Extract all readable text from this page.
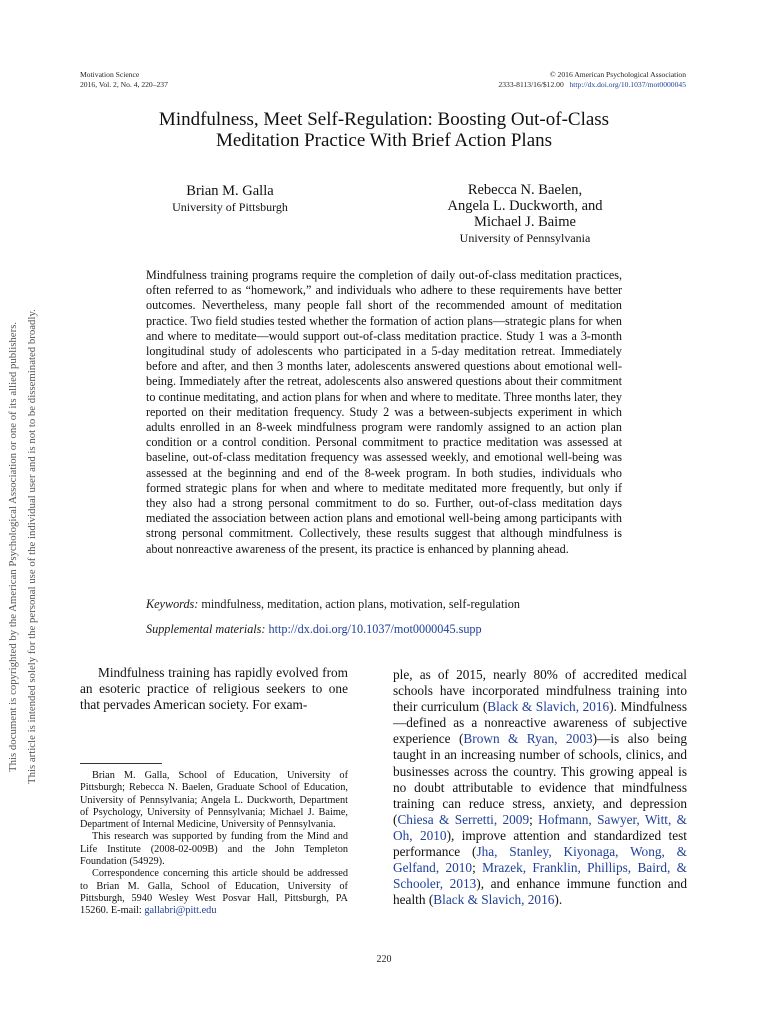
Motivation Science
2016, Vol. 2, No. 4, 220–237
© 2016 American Psychological Association
2333-8113/16/$12.00 http://dx.doi.org/10.1037/mot0000045
Mindfulness, Meet Self-Regulation: Boosting Out-of-Class
Meditation Practice With Brief Action Plans
Brian M. Galla
University of Pittsburgh
Rebecca N. Baelen,
Angela L. Duckworth, and
Michael J. Baime
University of Pennsylvania

Mindfulness training programs require the completion of daily out-of-class meditation practices, often referred to as “homework,” and individuals who adhere to these requirements have better outcomes. Nevertheless, many people fall short of the recommended amount of meditation practice. Two field studies tested whether the formation of action plans—strategic plans for when and where to meditate—would support out-of-class meditation practice. Study 1 was a 3-month longitudinal study of adolescents who participated in a 5-day meditation retreat. Immediately before and after, and then 3 months later, adolescents answered questions about emotional well-being. Immediately after the retreat, adolescents also answered questions about their commitment to continue meditating, and action plans for when and where to meditate. Three months later, they reported on their meditation frequency. Study 2 was a between-subjects experiment in which adults enrolled in an 8-week mindfulness program were randomly assigned to an action plan condition or a control condition. Personal commitment to practice meditation was assessed at baseline, out-of-class meditation frequency was assessed weekly, and emotional well-being was assessed at the beginning and end of the 8-week program. In both studies, individuals who formed strategic plans for when and where to meditate meditated more frequently, but only if they also had a strong personal commitment to do so. Further, out-of-class meditation days mediated the association between action plans and emotional well-being among participants with strong personal commitment. Collectively, these results suggest that although mindfulness is about nonreactive awareness of the present, its practice is enhanced by planning ahead.

Keywords: mindfulness, meditation, action plans, motivation, self-regulation
Supplemental materials: http://dx.doi.org/10.1037/mot0000045.supp

Mindfulness training has rapidly evolved from an esoteric practice of religious seekers to one that pervades American society. For exam-

Brian M. Galla, School of Education, University of Pittsburgh; Rebecca N. Baelen, Graduate School of Education, University of Pennsylvania; Angela L. Duckworth, Department of Psychology, University of Pennsylvania; Michael J. Baime, Department of Internal Medicine, University of Pennsylvania.

This research was supported by funding from the Mind and Life Institute (2008-02-009B) and the John Templeton Foundation (54929).

Correspondence concerning this article should be addressed to Brian M. Galla, School of Education, University of Pittsburgh, 5940 Wesley West Posvar Hall, Pittsburgh, PA 15260. E-mail: gallabri@pitt.edu

ple, as of 2015, nearly 80% of accredited medical schools have incorporated mindfulness training into their curriculum (Black & Slavich, 2016). Mindfulness—defined as a nonreactive awareness of subjective experience (Brown & Ryan, 2003)—is also being taught in an increasing number of schools, clinics, and businesses across the country. This growing appeal is no doubt attributable to evidence that mindfulness training can reduce stress, anxiety, and depression (Chiesa & Serretti, 2009; Hofmann, Sawyer, Witt, & Oh, 2010), improve attention and standardized test performance (Jha, Stanley, Kiyonaga, Wong, & Gelfand, 2010; Mrazek, Franklin, Phillips, Baird, & Schooler, 2013), and enhance immune function and health (Black & Slavich, 2016).

220
This document is copyrighted by the American Psychological Association or one of its allied publishers. This article is intended solely for the personal use of the individual user and is not to be disseminated broadly.
